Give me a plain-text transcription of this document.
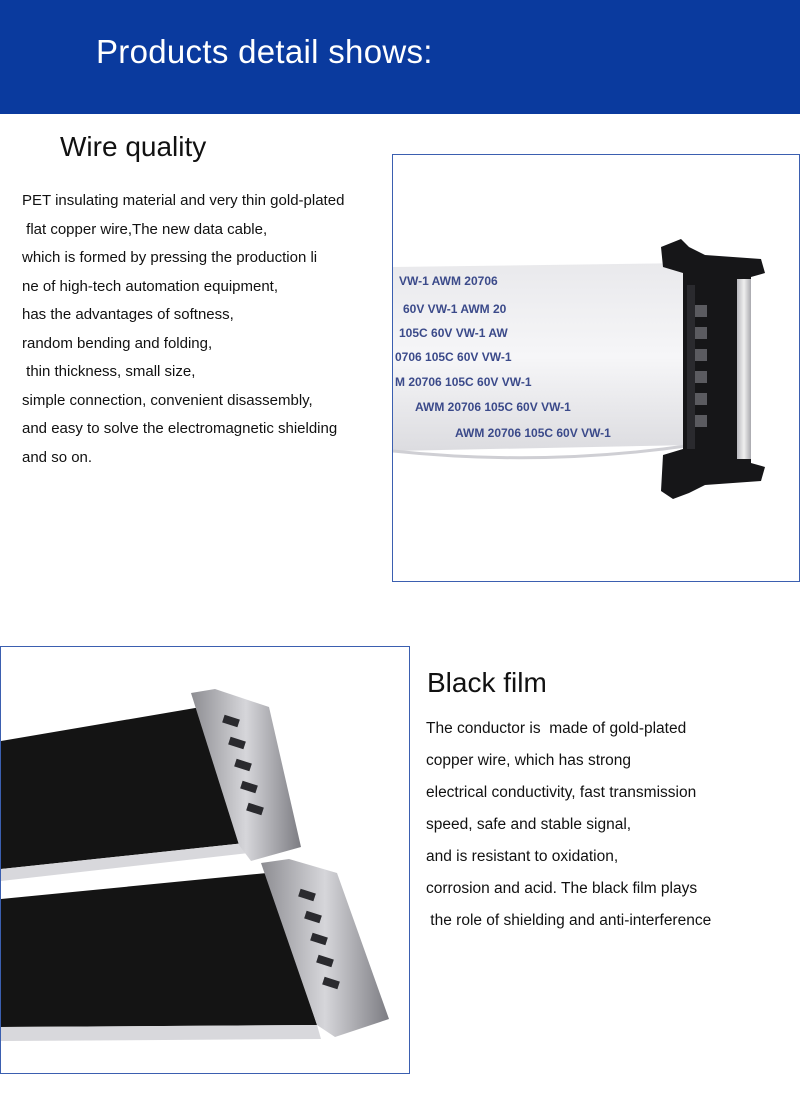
Products detail shows:
Wire quality
PET insulating material and very thin gold-plated
flat copper wire,The new data cable,
which is formed by pressing the production li
ne of high-tech automation equipment,
has the advantages of softness,
random bending and folding,
thin thickness, small size,
simple connection, convenient disassembly,
and easy to solve the electromagnetic shielding
and so on.
VW-1 AWM 20706
60V VW-1 AWM 20
105C 60V VW-1 AW
0706 105C 60V VW-1
M 20706 105C 60V VW-1
AWM 20706 105C 60V VW-1
AWM 20706 105C 60V VW-1
Black film
The conductor is  made of gold-plated
copper wire, which has strong
electrical conductivity, fast transmission
speed, safe and stable signal,
and is resistant to oxidation,
corrosion and acid. The black film plays
the role of shielding and anti-interference
